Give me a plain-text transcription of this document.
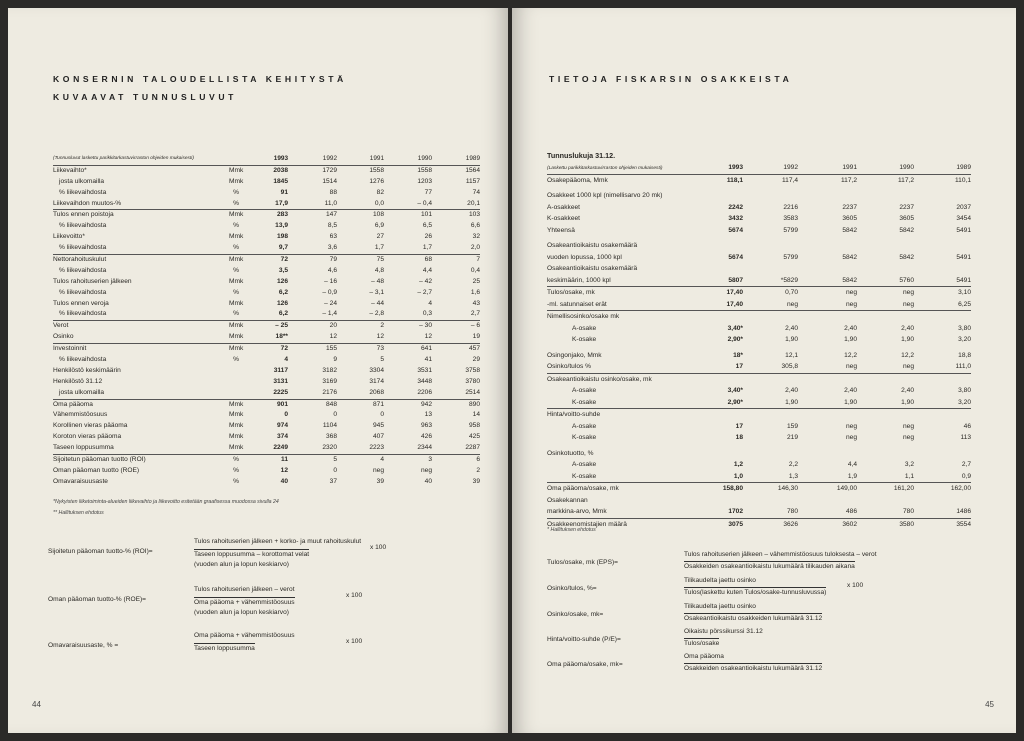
KONSERNIN TALOUDELLISTA KEHITYSTÄ
KUVAAVAT TUNNUSLUVUT
(Tunnusluvut laskettu parikkitarkastuvirraston ohjeiden mukaisesti)	1993	1992	1991	1990	1989
Liikevaihto*	Mmk	2038	1729	1558	1558	1564
josta ulkomailla	Mmk	1845	1514	1276	1203	1157
% liikevaihdosta	%	91	88	82	77	74
Liikevaihdon muutos-%	%	17,9	11,0	0,0	– 0,4	20,1
Tulos ennen poistoja	Mmk	283	147	108	101	103
% liikevaihdosta	%	13,9	8,5	6,9	6,5	6,6
Liikevoitto*	Mmk	198	63	27	26	32
% liikevaihdosta	%	9,7	3,6	1,7	1,7	2,0
Nettorahoituskulut	Mmk	72	79	75	68	7
% liikevaihdosta	%	3,5	4,6	4,8	4,4	0,4
Tulos rahoituserien jälkeen	Mmk	126	– 16	– 48	– 42	25
% liikevaihdosta	%	6,2	– 0,9	– 3,1	– 2,7	1,6
Tulos ennen veroja	Mmk	126	– 24	– 44	4	43
% liikevaihdosta	%	6,2	– 1,4	– 2,8	0,3	2,7
Verot	Mmk	– 25	20	2	– 30	– 6
Osinko	Mmk	18**	12	12	12	19
Investoinnit	Mmk	72	155	73	641	457
% liikevaihdosta	%	4	9	5	41	29
Henkilöstö keskimäärin	3117	3182	3304	3531	3758
Henkilöstö 31.12	3131	3169	3174	3448	3780
josta ulkomailla	2225	2176	2068	2206	2514
Oma pääoma	Mmk	901	848	871	942	890
Vähemmistöosuus	Mmk	0	0	0	13	14
Korollinen vieras pääoma	Mmk	974	1104	945	963	958
Koroton vieras pääoma	Mmk	374	368	407	426	425
Taseen loppusumma	Mmk	2249	2320	2223	2344	2287
Sijoitetun pääoman tuotto (ROI)	%	11	5	4	3	6
Oman pääoman tuotto (ROE)	%	12	0	neg	neg	2
Omavaraisuusaste	%	40	37	39	40	39
*Nykyisten liiketoiminta-alueiden liikevaihto ja liikevoitto esitetään graafisessa muodossa sivulla 24
** Hallituksen ehdotus
Sijoitetun pääoman tuotto-% (ROI)=
Tulos rahoituserien jälkeen + korko- ja muut rahoituskulut
Taseen loppusumma – korottomat velat
x 100
(vuoden alun ja lopun keskiarvo)
Oman pääoman tuotto-% (ROE)=
Tulos rahoituserien jälkeen – verot
Oma pääoma + vähemmistöosuus
x 100
(vuoden alun ja lopun keskiarvo)
Omavaraisuusaste, % =
Oma pääoma + vähemmistöosuus
Taseen loppusumma
x 100
44
TIETOJA FISKARSIN OSAKKEISTA
Tunnuslukuja 31.12.
(Laskettu parikkitarkastuvirraston ohjeiden mukaisesti)	1993	1992	1991	1990	1989
Osakepääoma, Mmk	118,1	117,4	117,2	117,2	110,1
Osakkeet 1000 kpl (nimellisarvo 20 mk)
A-osakkeet	2242	2216	2237	2237	2037
K-osakkeet	3432	3583	3605	3605	3454
Yhteensä	5674	5799	5842	5842	5491
Osakeantioikaistu osakemäärä
vuoden lopussa, 1000 kpl	5674	5799	5842	5842	5491
Osakeantioikaistu osakemäärä
keskimäärin, 1000 kpl	5807	*5829	5842	5760	5491
Tulos/osake, mk	17,40	0,70	neg	neg	3,10
-ml. satunnaiset erät	17,40	neg	neg	neg	6,25
Nimellisosinko/osake mk
A-osake	3,40*	2,40	2,40	2,40	3,80
K-osake	2,90*	1,90	1,90	1,90	3,20
Osingonjako, Mmk	18*	12,1	12,2	12,2	18,8
Osinko/tulos %	17	305,8	neg	neg	111,0
Osakeantioikaistu osinko/osake, mk
A-osake	3,40*	2,40	2,40	2,40	3,80
K-osake	2,90*	1,90	1,90	1,90	3,20
Hinta/voitto-suhde
A-osake	17	159	neg	neg	46
K-osake	18	219	neg	neg	113
Osinkotuotto, %
A-osake	1,2	2,2	4,4	3,2	2,7
K-osake	1,0	1,3	1,9	1,1	0,9
Oma pääoma/osake, mk	158,80	146,30	149,00	161,20	162,00
Osakekannan
markkina-arvo, Mmk	1702	780	486	780	1486
Osakkeenomistajien määrä	3075	3626	3602	3580	3554
* Hallituksen ehdotus
Tulos/osake, mk (EPS)=
Tulos rahoituserien jälkeen – vähemmistöosuus tuloksesta – verot
Osakkeiden osakeantioikaistu lukumäärä tilikauden aikana
Osinko/tulos, %=
Tilikaudelta jaettu osinko
Tulos(laskettu kuten Tulos/osake-tunnusluvussa)
x 100
Osinko/osake, mk=
Tilikaudelta jaettu osinko
Osakeantioikaistu osakkeiden lukumäärä 31.12
Hinta/voitto-suhde (P/E)=
Oikaistu pörssikurssi 31.12
Tulos/osake
Oma pääoma/osake, mk=
Oma pääoma
Osakkeiden osakeantioikaistu lukumäärä 31.12
45
